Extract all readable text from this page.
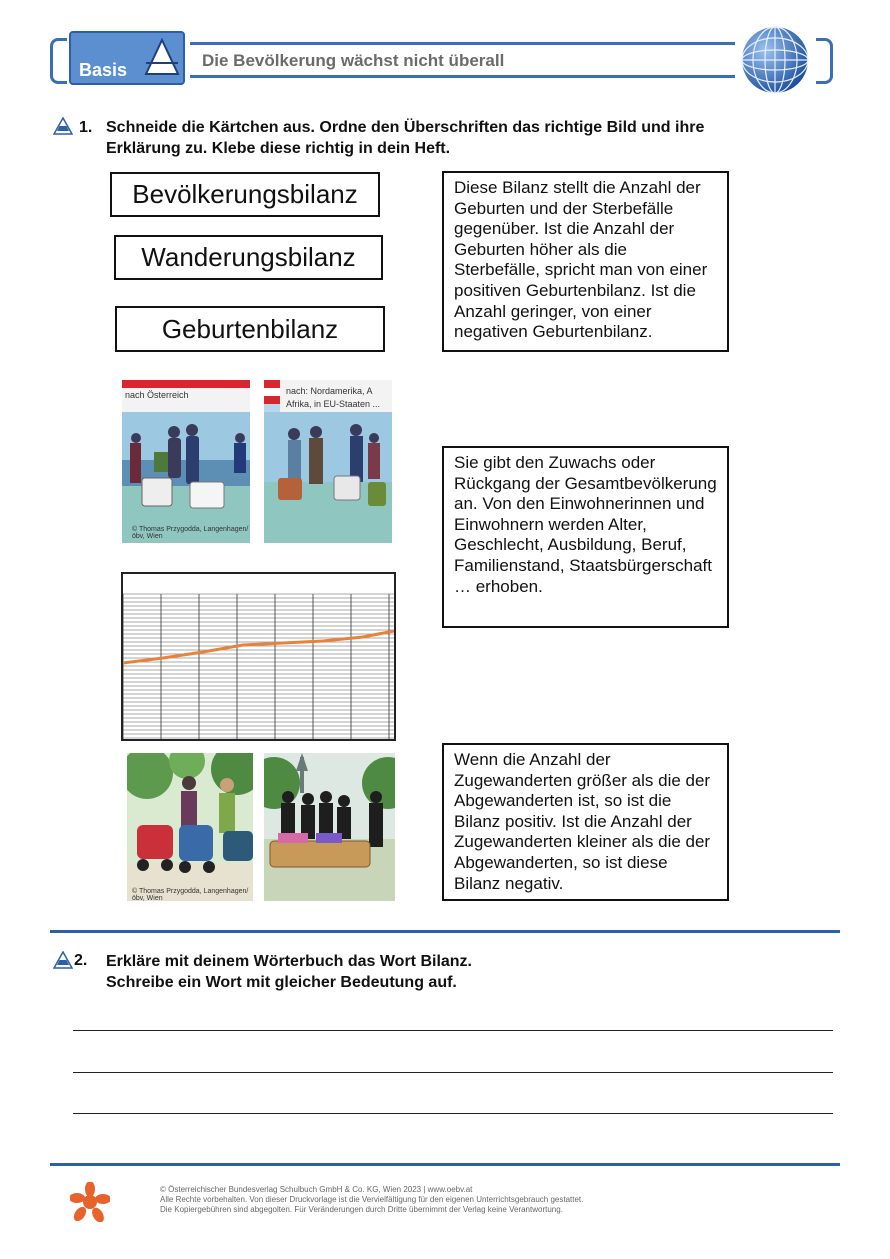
Basis	Die Bevölkerung wächst nicht überall
1. Schneide die Kärtchen aus. Ordne den Überschriften das richtige Bild und ihre
Erklärung zu. Klebe diese richtig in dein Heft.
Bevölkerungsbilanz
Wanderungsbilanz
Geburtenbilanz
Diese Bilanz stellt die Anzahl der Geburten und der Sterbefälle gegenüber. Ist die Anzahl der Geburten höher als die Sterbefälle, spricht man von einer positiven Geburtenbilanz. Ist die Anzahl geringer, von einer negativen Geburtenbilanz.
Sie gibt den Zuwachs oder Rückgang der Gesamtbevölkerung an. Von den Einwohnerinnen und Einwohnern werden Alter, Geschlecht, Ausbildung, Beruf, Familienstand, Staatsbürgerschaft … erhoben.
Wenn die Anzahl der Zugewanderten größer als die der Abgewanderten ist, so ist die Bilanz positiv. Ist die Anzahl der Zugewanderten kleiner als die der Abgewanderten, so ist diese Bilanz negativ.
nach Österreich
© Thomas Przygodda, Langenhagen/öbv, Wien
nach: Nordamerika, A
Afrika, in EU-Staaten ...
© Thomas Przygodda, Langenhagen/öbv, Wien
2. Erkläre mit deinem Wörterbuch das Wort Bilanz.
Schreibe ein Wort mit gleicher Bedeutung auf.
© Österreichischer Bundesverlag Schulbuch GmbH & Co. KG, Wien 2023 | www.oebv.at
Alle Rechte vorbehalten. Von dieser Druckvorlage ist die Vervielfältigung für den eigenen Unterrichtsgebrauch gestattet.
Die Kopiergebühren sind abgegolten. Für Veränderungen durch Dritte übernimmt der Verlag keine Verantwortung.
